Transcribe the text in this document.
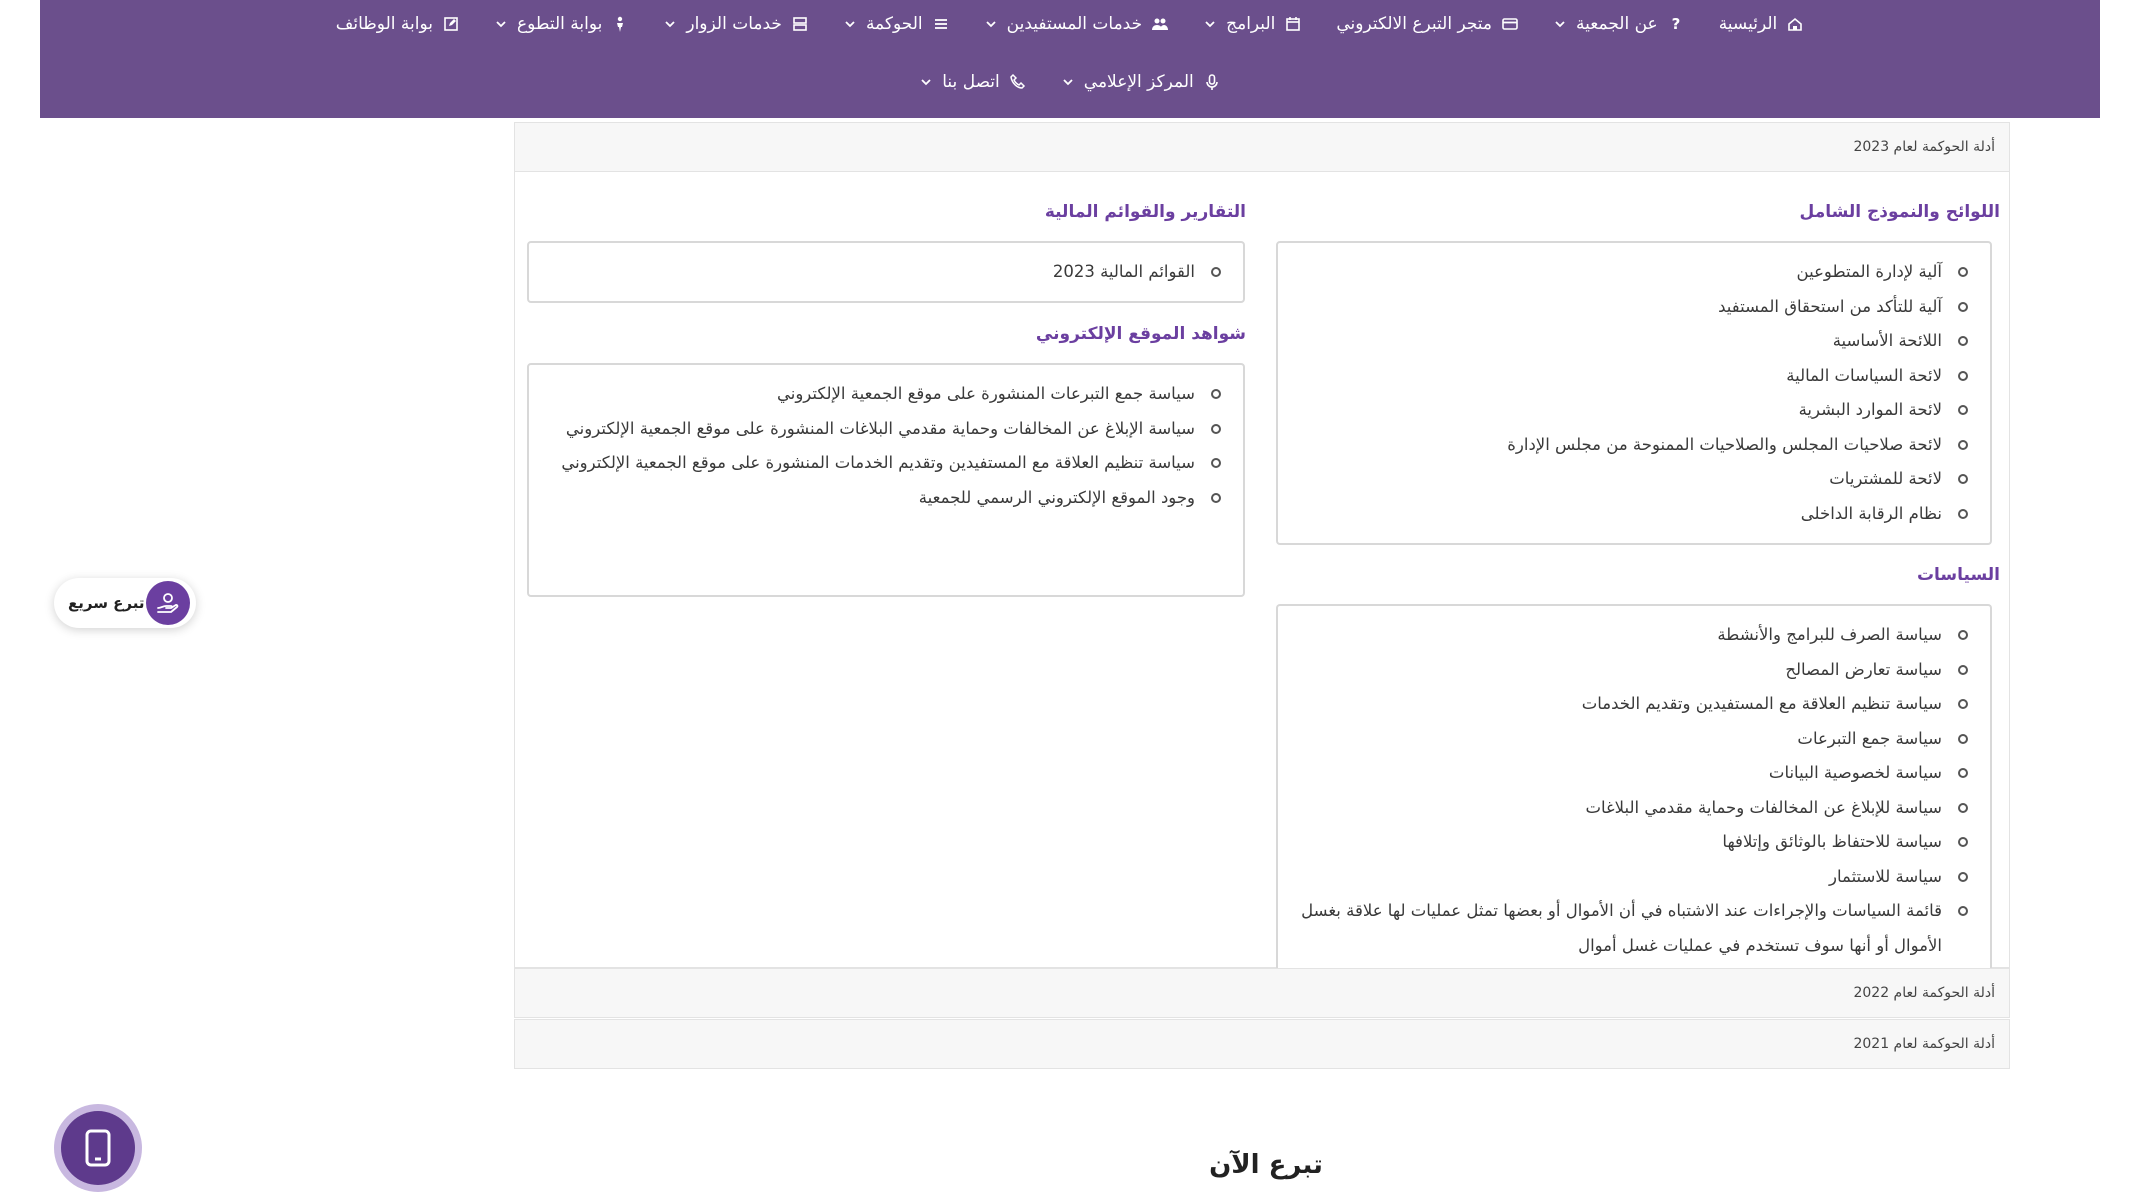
الرئيسية
?
عن الجمعية
متجر التبرع الالكتروني
البرامج
خدمات المستفيدين
الحوكمة
خدمات الزوار
بوابة التطوع
بوابة الوظائف
المركز الإعلامي
اتصل بنا
أدلة الحوكمة لعام 2023
اللوائح والنموذج الشامل
آلية لإدارة المتطوعين
آلية للتأكد من استحقاق المستفيد
اللائحة الأساسية
لائحة السياسات المالية
لائحة الموارد البشرية
لائحة صلاحيات المجلس والصلاحيات الممنوحة من مجلس الإدارة
لائحة للمشتريات
نظام الرقابة الداخلى
السياسات
سياسة الصرف للبرامج والأنشطة
سياسة تعارض المصالح
سياسة تنظيم العلاقة مع المستفيدين وتقديم الخدمات
سياسة جمع التبرعات
سياسة لخصوصية البيانات
سياسة للإبلاغ عن المخالفات وحماية مقدمي البلاغات
سياسة للاحتفاظ بالوثائق وإتلافها
سياسة للاستثمار
قائمة السياسات والإجراءات عند الاشتباه في أن الأموال أو بعضها تمثل عمليات لها علاقة بغسل الأموال أو أنها سوف تستخدم في عمليات غسل أموال
التقارير والقوائم المالية
القوائم المالية 2023
شواهد الموقع الإلكتروني
سياسة جمع التبرعات المنشورة على موقع الجمعية الإلكتروني
سياسة الإبلاغ عن المخالفات وحماية مقدمي البلاغات المنشورة على موقع الجمعية الإلكتروني
سياسة تنظيم العلاقة مع المستفيدين وتقديم الخدمات المنشورة على موقع الجمعية الإلكتروني
وجود الموقع الإلكتروني الرسمي للجمعية
أدلة الحوكمة لعام 2022
أدلة الحوكمة لعام 2021
تبرع سريع
تبرع الآن
